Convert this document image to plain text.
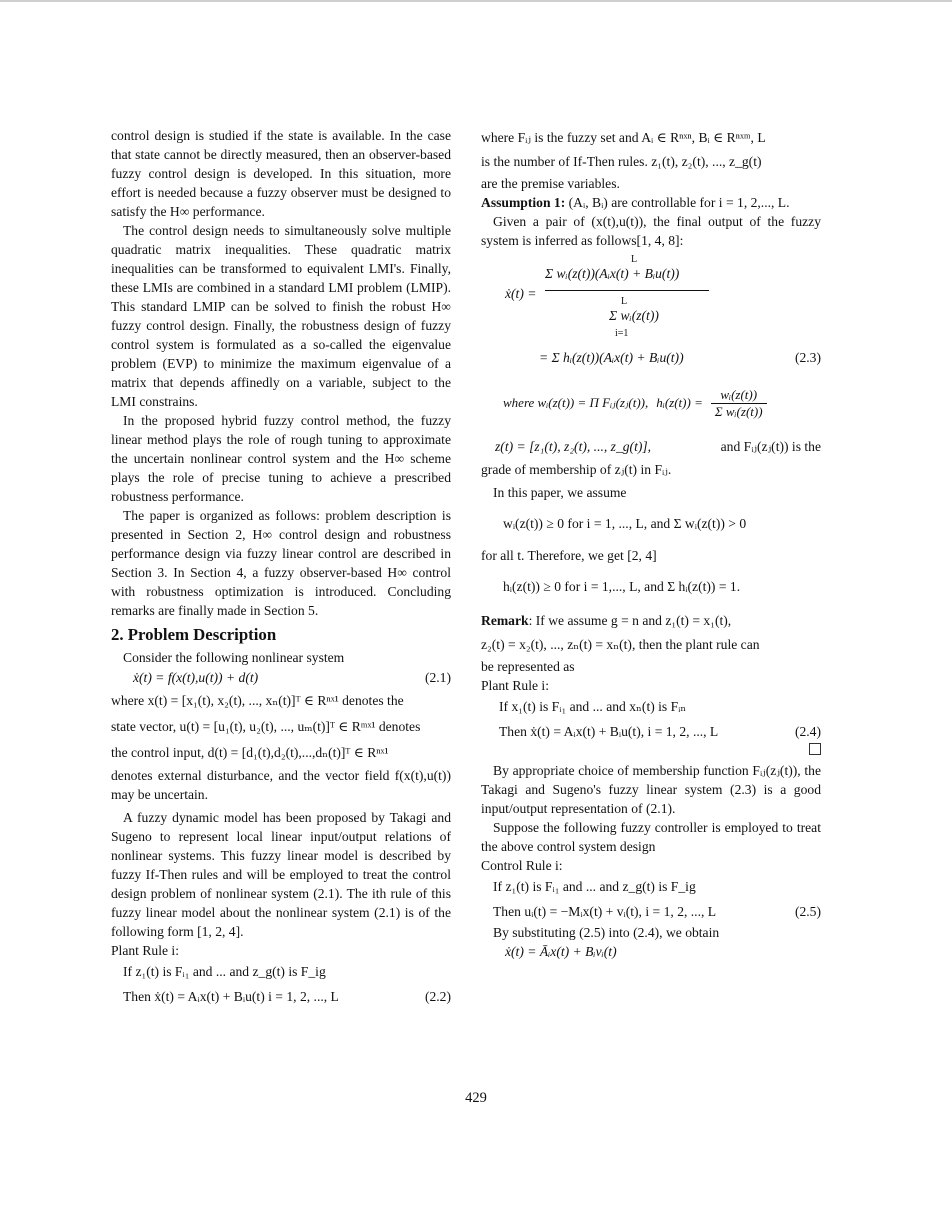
control design is studied if the state is available. In the case that state cannot be directly measured, then an observer-based fuzzy control design is developed. In this situation, more effort is needed because a fuzzy observer must be designed to satisfy the H∞ performance.

The control design needs to simultaneously solve multiple quadratic matrix inequalities. These quadratic matrix inequalities can be transformed to equivalent LMI's. Finally, these LMIs are combined in a standard LMI problem (LMIP). This standard LMIP can be solved to finish the robust H∞ fuzzy control design. Finally, the robustness design of fuzzy control system is formulated as a so-called the eigenvalue problem (EVP) to minimize the maximum eigenvalue of a matrix that depends affinedly on a variable, subject to the LMI constrains.

In the proposed hybrid fuzzy control method, the fuzzy linear method plays the role of rough tuning to approximate the uncertain nonlinear control system and the H∞ scheme plays the role of precise tuning to achieve a prescribed robustness performance.

The paper is organized as follows: problem description is presented in Section 2, H∞ control design and robustness performance design via fuzzy linear control are described in Section 3. In Section 4, a fuzzy observer-based H∞ control with robustness optimization is introduced. Concluding remarks are finally made in Section 5.

2. Problem Description

Consider the following nonlinear system

ẋ(t) = f(x(t),u(t)) + d(t)	(2.1)

where x(t) = [x₁(t), x₂(t), ..., xₙ(t)]ᵀ ∈ Rⁿˣ¹ denotes the

state vector, u(t) = [u₁(t), u₂(t), ..., uₘ(t)]ᵀ ∈ Rᵐˣ¹ denotes

the control input, d(t) = [d₁(t),d₂(t),...,dₙ(t)]ᵀ ∈ Rⁿˣ¹

denotes external disturbance, and the vector field f(x(t),u(t)) may be uncertain.

A fuzzy dynamic model has been proposed by Takagi and Sugeno to represent local linear input/output relations of nonlinear systems. This fuzzy linear model is described by fuzzy If-Then rules and will be employed to treat the control design problem of nonlinear system (2.1). The ith rule of this fuzzy linear model about the nonlinear system (2.1) is of the following form [1, 2, 4].

Plant Rule i:

If z₁(t) is Fᵢ₁ and ... and z_g(t) is F_ig

Then ẋ(t) = Aᵢx(t) + Bᵢu(t) i = 1, 2, ..., L	(2.2)

where Fᵢⱼ is the fuzzy set and Aᵢ ∈ Rⁿˣⁿ, Bᵢ ∈ Rⁿˣᵐ, L

is the number of If-Then rules. z₁(t), z₂(t), ..., z_g(t)

are the premise variables.

Assumption 1: (Aᵢ, Bᵢ) are controllable for i = 1, 2,..., L.

Given a pair of (x(t),u(t)), the final output of the fuzzy system is inferred as follows[1, 4, 8]:

ẋ(t) =
L
Σ wᵢ(z(t))(Aᵢx(t) + Bᵢu(t))
L
Σ wᵢ(z(t))
i=1
= Σ hᵢ(z(t))(Aᵢx(t) + Bᵢu(t))	(2.3)
where wᵢ(z(t)) = Π Fᵢⱼ(zⱼ(t)), hᵢ(z(t)) = $\frac{\text{wᵢ(z(t))}}{\text{Σ wᵢ(z(t))}}$
z(t) = [z₁(t), z₂(t), ..., z_g(t)],	and Fᵢⱼ(zⱼ(t)) is the

grade of membership of zⱼ(t) in Fᵢⱼ.

In this paper, we assume

wᵢ(z(t)) ≥ 0 for i = 1, ..., L, and Σ wᵢ(z(t)) > 0

for all t. Therefore, we get [2, 4]

hᵢ(z(t)) ≥ 0 for i = 1,..., L, and Σ hᵢ(z(t)) = 1.

Remark: If we assume g = n and z₁(t) = x₁(t),

z₂(t) = x₂(t), ..., zₙ(t) = xₙ(t), then the plant rule can

be represented as

Plant Rule i:

If x₁(t) is Fᵢ₁ and ... and xₙ(t) is Fᵢₙ

Then ẋ(t) = Aᵢx(t) + Bᵢu(t), i = 1, 2, ..., L	(2.4)

By appropriate choice of membership function Fᵢⱼ(zⱼ(t)), the Takagi and Sugeno's fuzzy linear system (2.3) is a good input/output representation of (2.1).

Suppose the following fuzzy controller is employed to treat the above control system design

Control Rule i:

If z₁(t) is Fᵢ₁ and ... and z_g(t) is F_ig

Then uᵢ(t) = −Mᵢx(t) + vᵢ(t), i = 1, 2, ..., L	(2.5)

By substituting (2.5) into (2.4), we obtain

ẋ(t) = Āᵢx(t) + Bᵢvᵢ(t)

429
